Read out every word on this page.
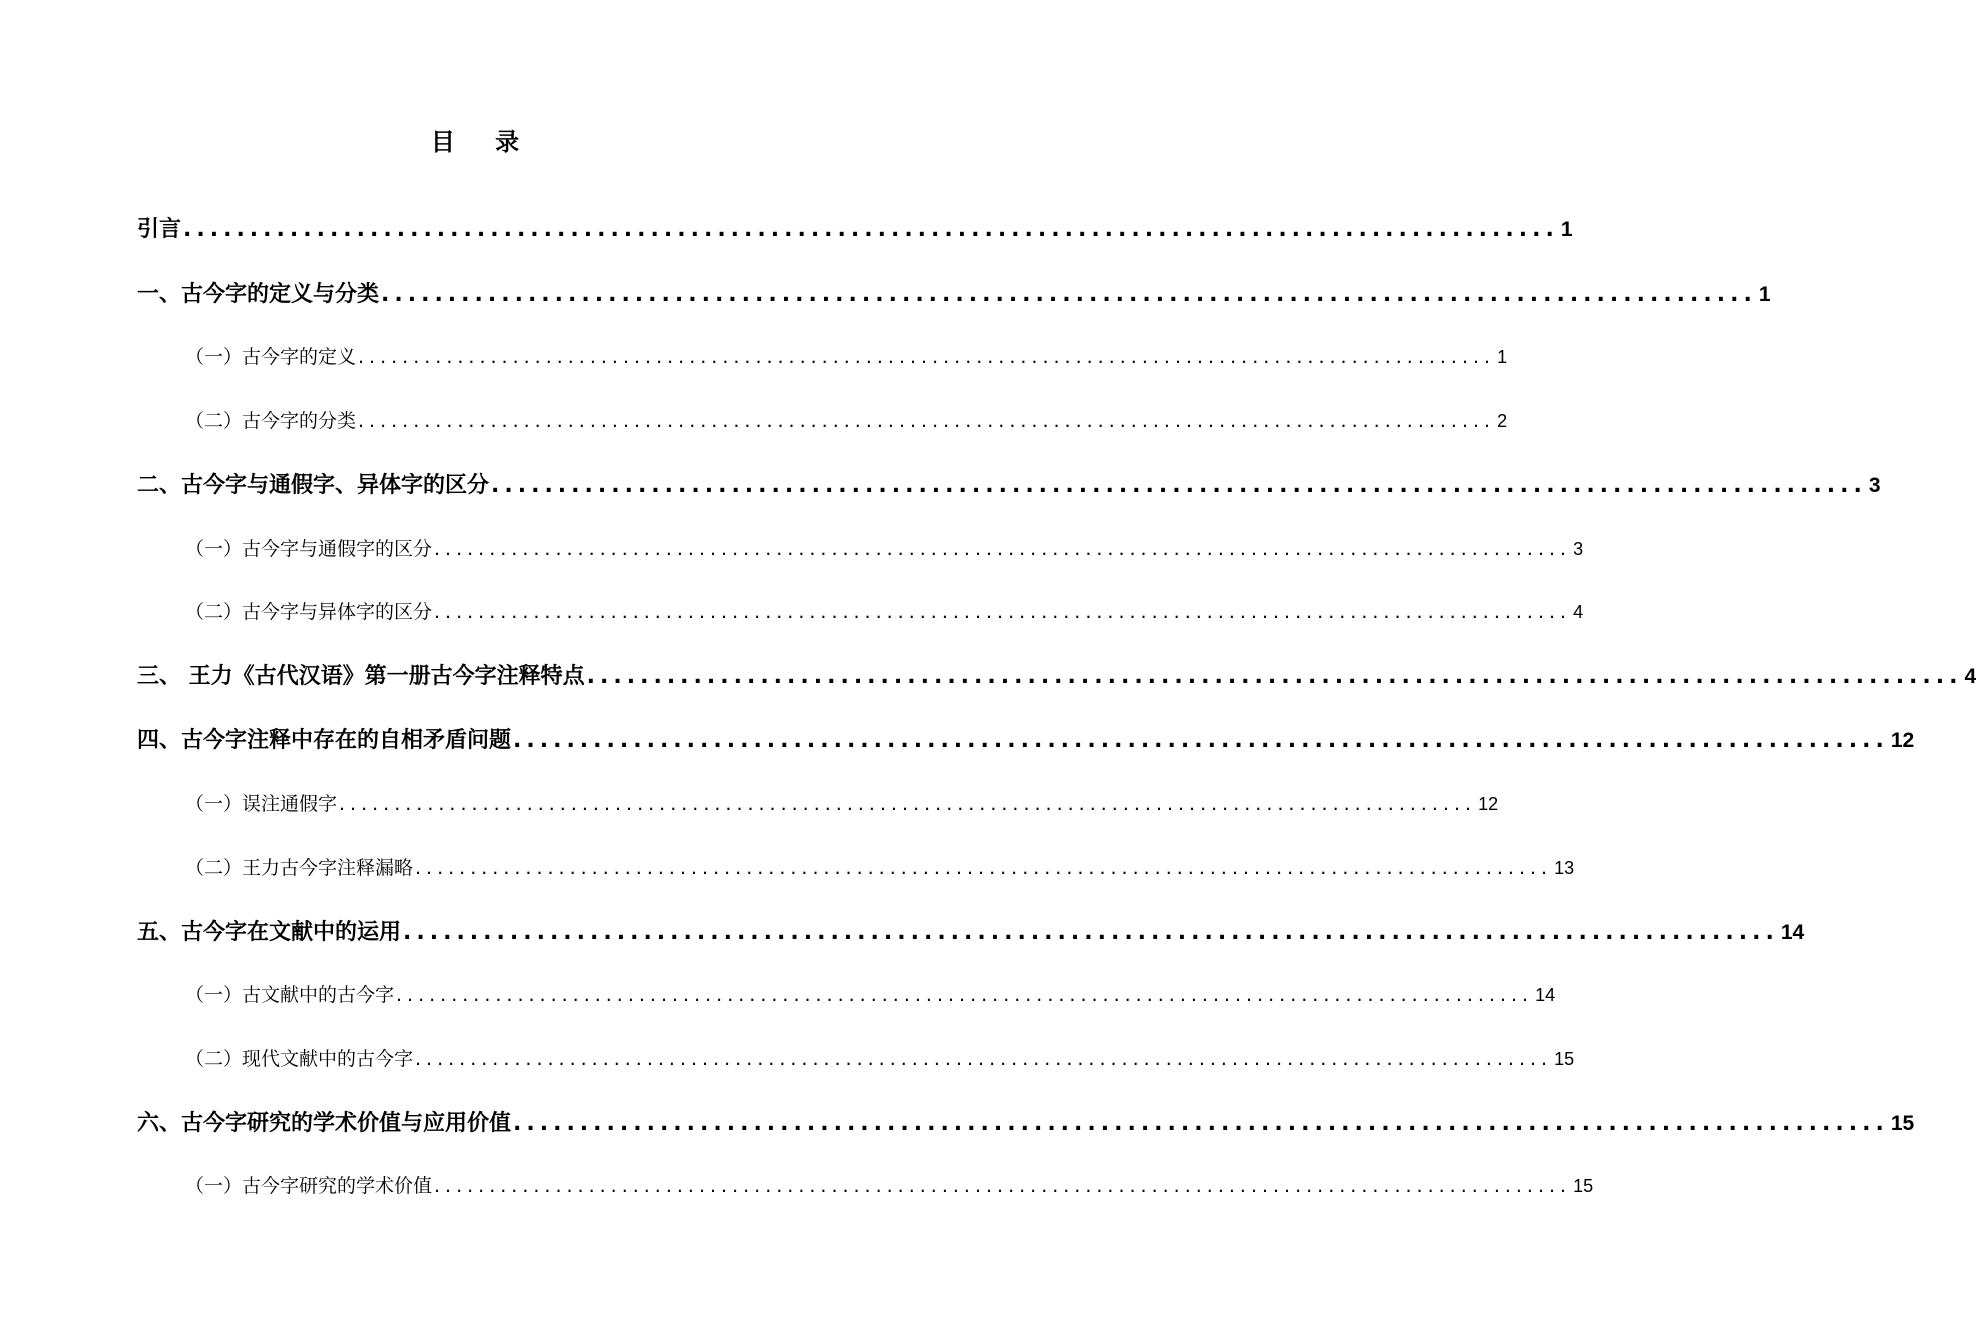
目 录
引言 ....................................................................................................... 1
一、古今字的定义与分类 ....................................................................................................... 1
（一）古今字的定义 ....................................................................................................... 1
（二）古今字的分类 ....................................................................................................... 2
二、古今字与通假字、异体字的区分 ....................................................................................................... 3
（一）古今字与通假字的区分 ....................................................................................................... 3
（二）古今字与异体字的区分 ....................................................................................................... 4
三、 王力《古代汉语》第一册古今字注释特点 ....................................................................................................... 4
四、古今字注释中存在的自相矛盾问题 ....................................................................................................... 12
（一）误注通假字 ....................................................................................................... 12
（二）王力古今字注释漏略 ....................................................................................................... 13
五、古今字在文献中的运用 ....................................................................................................... 14
（一）古文献中的古今字 ....................................................................................................... 14
（二）现代文献中的古今字 ....................................................................................................... 15
六、古今字研究的学术价值与应用价值 ....................................................................................................... 15
（一）古今字研究的学术价值 ....................................................................................................... 15
